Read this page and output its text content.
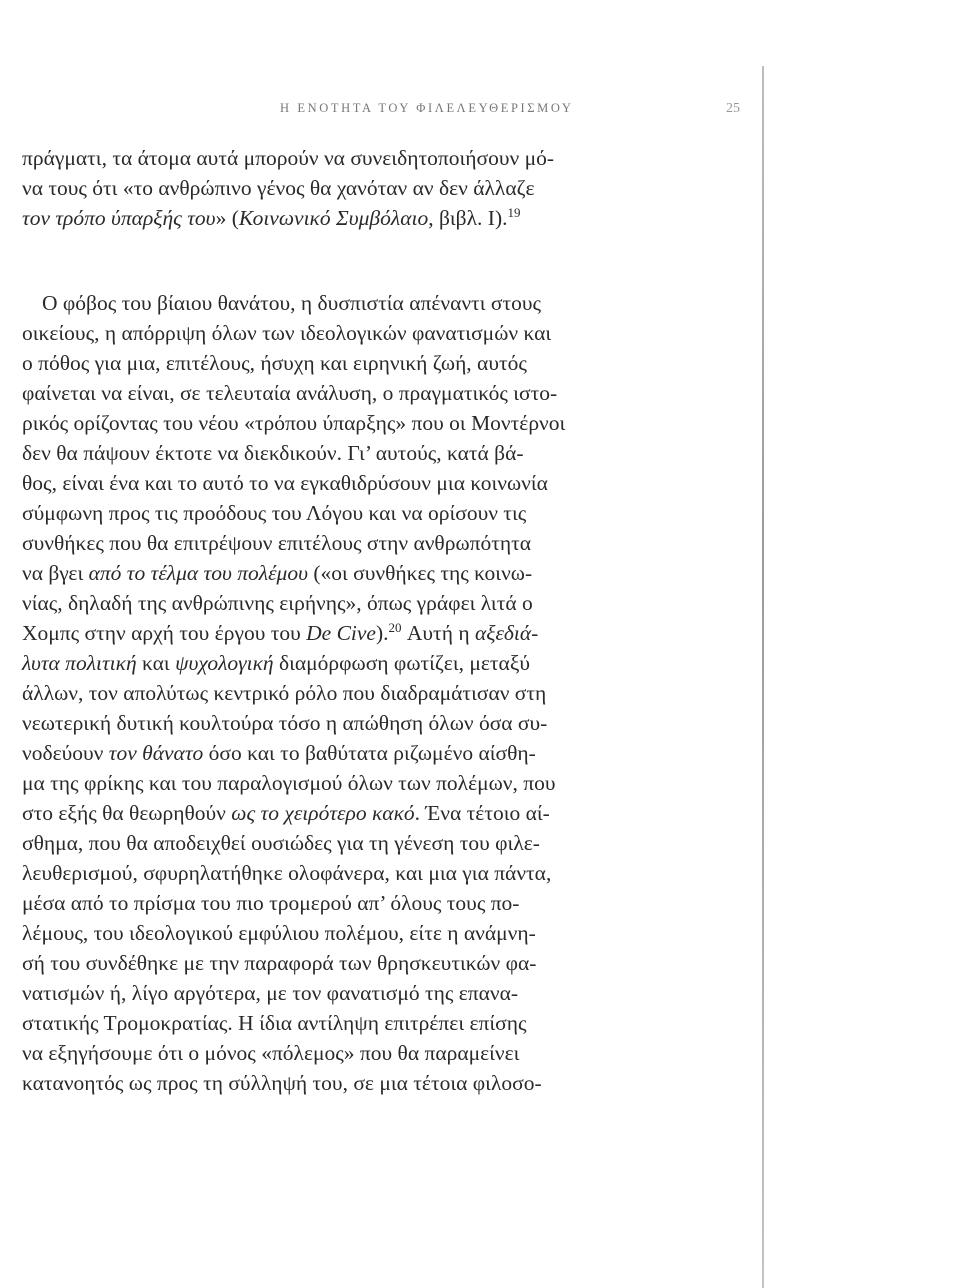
Η ΕΝΟΤΗΤΑ ΤΟΥ ΦΙΛΕΛΕΥΘΕΡΙΣΜΟΥ	25
πράγματι, τα άτομα αυτά μπορούν να συνειδητοποιήσουν μό-
να τους ότι «το ανθρώπινο γένος θα χανόταν αν δεν άλλαζε
τον τρόπο ύπαρξής του» (Κοινωνικό Συμβόλαιο, βιβλ. Ι).$^{19}$
Ο φόβος του βίαιου θανάτου, η δυσπιστία απέναντι στους
οικείους, η απόρριψη όλων των ιδεολογικών φανατισμών και
ο πόθος για μια, επιτέλους, ήσυχη και ειρηνική ζωή, αυτός
φαίνεται να είναι, σε τελευταία ανάλυση, ο πραγματικός ιστο-
ρικός ορίζοντας του νέου «τρόπου ύπαρξης» που οι Μοντέρνοι
δεν θα πάψουν έκτοτε να διεκδικούν. Γι’ αυτούς, κατά βά-
θος, είναι ένα και το αυτό το να εγκαθιδρύσουν μια κοινωνία
σύμφωνη προς τις προόδους του Λόγου και να ορίσουν τις
συνθήκες που θα επιτρέψουν επιτέλους στην ανθρωπότητα
να βγει από το τέλμα του πολέμου («οι συνθήκες της κοινω-
νίας, δηλαδή της ανθρώπινης ειρήνης», όπως γράφει λιτά ο
Χομπς στην αρχή του έργου του De Cive).$^{20}$ Αυτή η αξεδιά-
λυτα πολιτική και ψυχολογική διαμόρφωση φωτίζει, μεταξύ
άλλων, τον απολύτως κεντρικό ρόλο που διαδραμάτισαν στη
νεωτερική δυτική κουλτούρα τόσο η απώθηση όλων όσα συ-
νοδεύουν τον θάνατο όσο και το βαθύτατα ριζωμένο αίσθη-
μα της φρίκης και του παραλογισμού όλων των πολέμων, που
στο εξής θα θεωρηθούν ως το χειρότερο κακό. Ένα τέτοιο αί-
σθημα, που θα αποδειχθεί ουσιώδες για τη γένεση του φιλε-
λευθερισμού, σφυρηλατήθηκε ολοφάνερα, και μια για πάντα,
μέσα από το πρίσμα του πιο τρομερού απ’ όλους τους πο-
λέμους, του ιδεολογικού εμφύλιου πολέμου, είτε η ανάμνη-
σή του συνδέθηκε με την παραφορά των θρησκευτικών φα-
νατισμών ή, λίγο αργότερα, με τον φανατισμό της επανα-
στατικής Τρομοκρατίας. Η ίδια αντίληψη επιτρέπει επίσης
να εξηγήσουμε ότι ο μόνος «πόλεμος» που θα παραμείνει
κατανοητός ως προς τη σύλληψή του, σε μια τέτοια φιλοσο-
